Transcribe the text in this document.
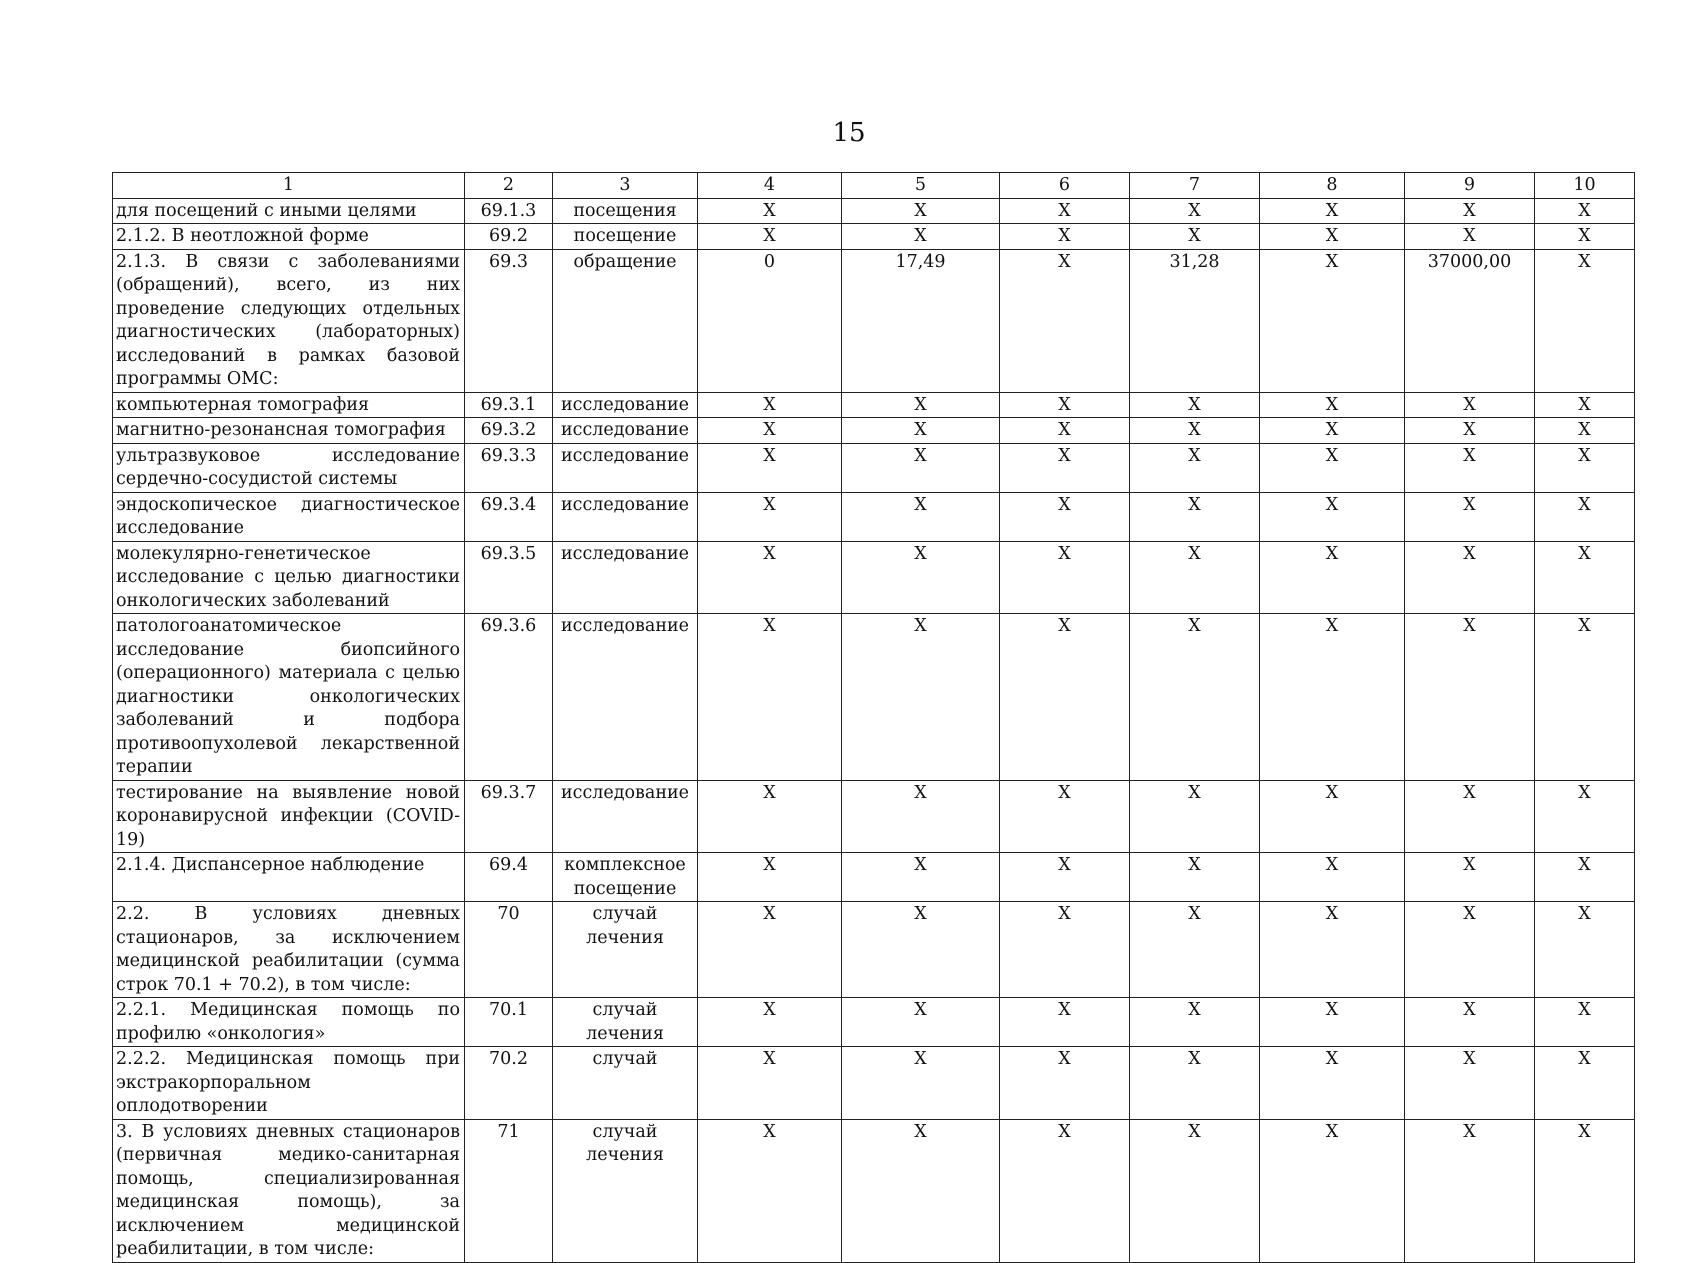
15
1	2	3	4	5	6	7	8	9	10
для посещений с иными целями	69.1.3	посещения	Х	Х	Х	Х	Х	Х	Х
2.1.2. В неотложной форме	69.2	посещение	Х	Х	Х	Х	Х	Х	Х
2.1.3. В связи с заболеваниями (обращений), всего, из них проведение следующих отдельных диагностических (лабораторных) исследований в рамках базовой программы ОМС:	69.3	обращение	0	17,49	Х	31,28	Х	37000,00	Х
компьютерная томография	69.3.1	исследование	Х	Х	Х	Х	Х	Х	Х
магнитно-резонансная томография	69.3.2	исследование	Х	Х	Х	Х	Х	Х	Х
ультразвуковое исследование сердечно-сосудистой системы	69.3.3	исследование	Х	Х	Х	Х	Х	Х	Х
эндоскопическое диагностическое исследование	69.3.4	исследование	Х	Х	Х	Х	Х	Х	Х
молекулярно-генетическое исследование с целью диагностики онкологических заболеваний	69.3.5	исследование	Х	Х	Х	Х	Х	Х	Х
патологоанатомическое исследование биопсийного (операционного) материала с целью диагностики онкологических заболеваний и подбора противоопухолевой лекарственной терапии	69.3.6	исследование	Х	Х	Х	Х	Х	Х	Х
тестирование на выявление новой коронавирусной инфекции (COVID-19)	69.3.7	исследование	Х	Х	Х	Х	Х	Х	Х
2.1.4. Диспансерное наблюдение	69.4	комплексное посещение	Х	Х	Х	Х	Х	Х	Х
2.2. В условиях дневных стационаров, за исключением медицинской реабилитации (сумма строк 70.1 + 70.2), в том числе:	70	случай лечения	Х	Х	Х	Х	Х	Х	Х
2.2.1. Медицинская помощь по профилю «онкология»	70.1	случай лечения	Х	Х	Х	Х	Х	Х	Х
2.2.2. Медицинская помощь при экстракорпоральном оплодотворении	70.2	случай	Х	Х	Х	Х	Х	Х	Х
3. В условиях дневных стационаров (первичная медико-санитарная помощь, специализированная медицинская помощь), за исключением медицинской реабилитации, в том числе:	71	случай лечения	Х	Х	Х	Х	Х	Х	Х
